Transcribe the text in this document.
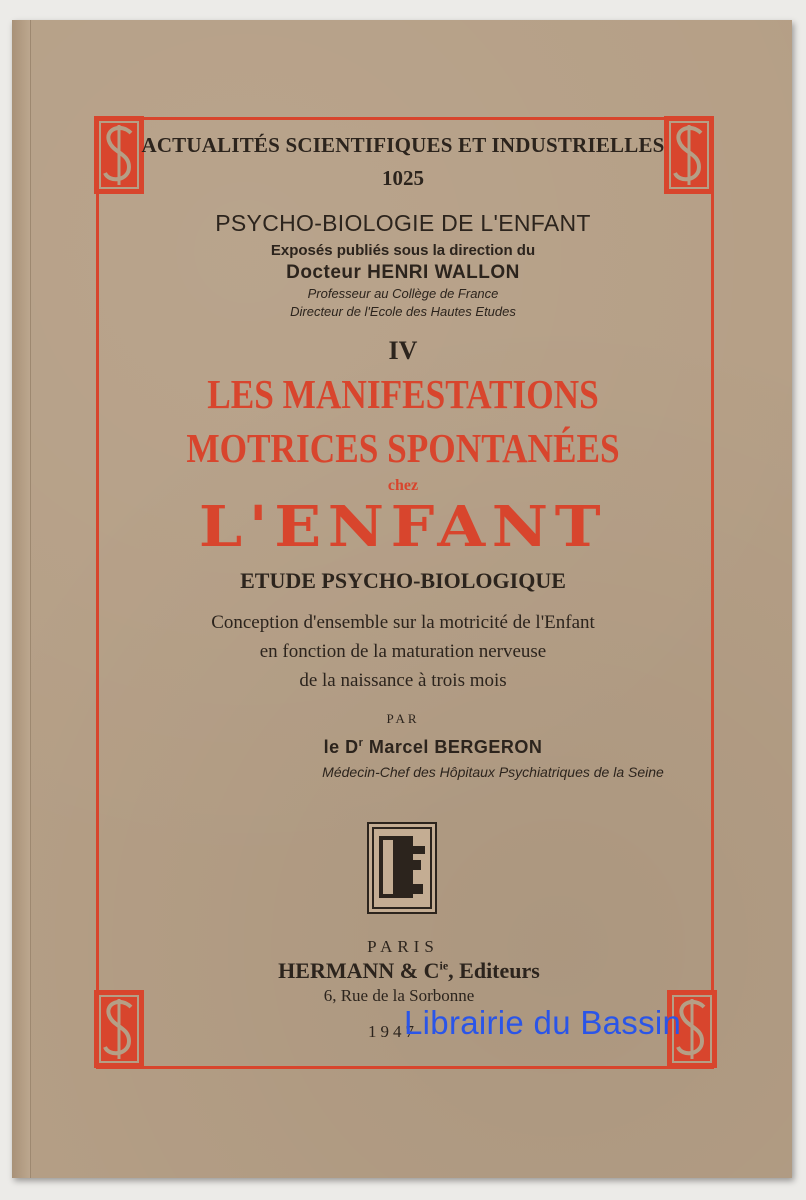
ACTUALITÉS SCIENTIFIQUES ET INDUSTRIELLES
1025
PSYCHO-BIOLOGIE DE L'ENFANT
Exposés publiés sous la direction du
Docteur HENRI WALLON
Professeur au Collège de France
Directeur de l'Ecole des Hautes Etudes
IV
LES MANIFESTATIONS
MOTRICES SPONTANÉES
chez
L'ENFANT
ETUDE PSYCHO-BIOLOGIQUE
Conception d'ensemble sur la motricité de l'Enfant
en fonction de la maturation nerveuse
de la naissance à trois mois
PAR
le $D^r$ Marcel BERGERON
Médecin-Chef des Hôpitaux Psychiatriques de la Seine
PARIS
HERMANN & $C^{ie}$, Editeurs
6, Rue de la Sorbonne
1947
Librairie du Bassin
